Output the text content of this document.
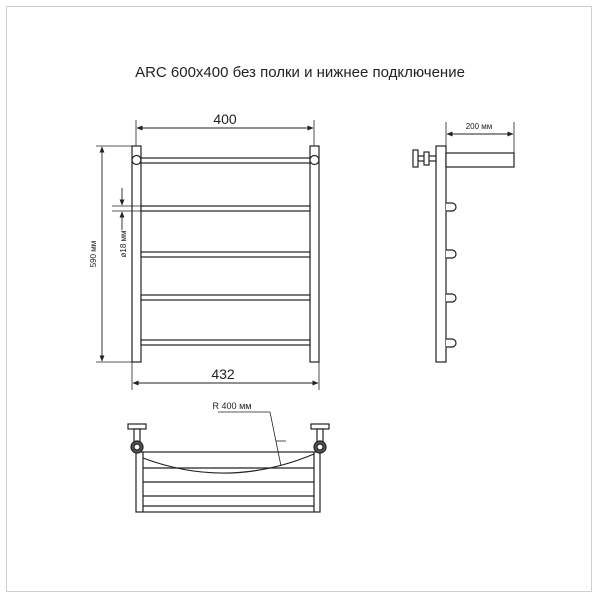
ARC 600x400 без полки и нижнее подключение
400
432
590 мм	ø18 мм
200 мм
R 400 мм
